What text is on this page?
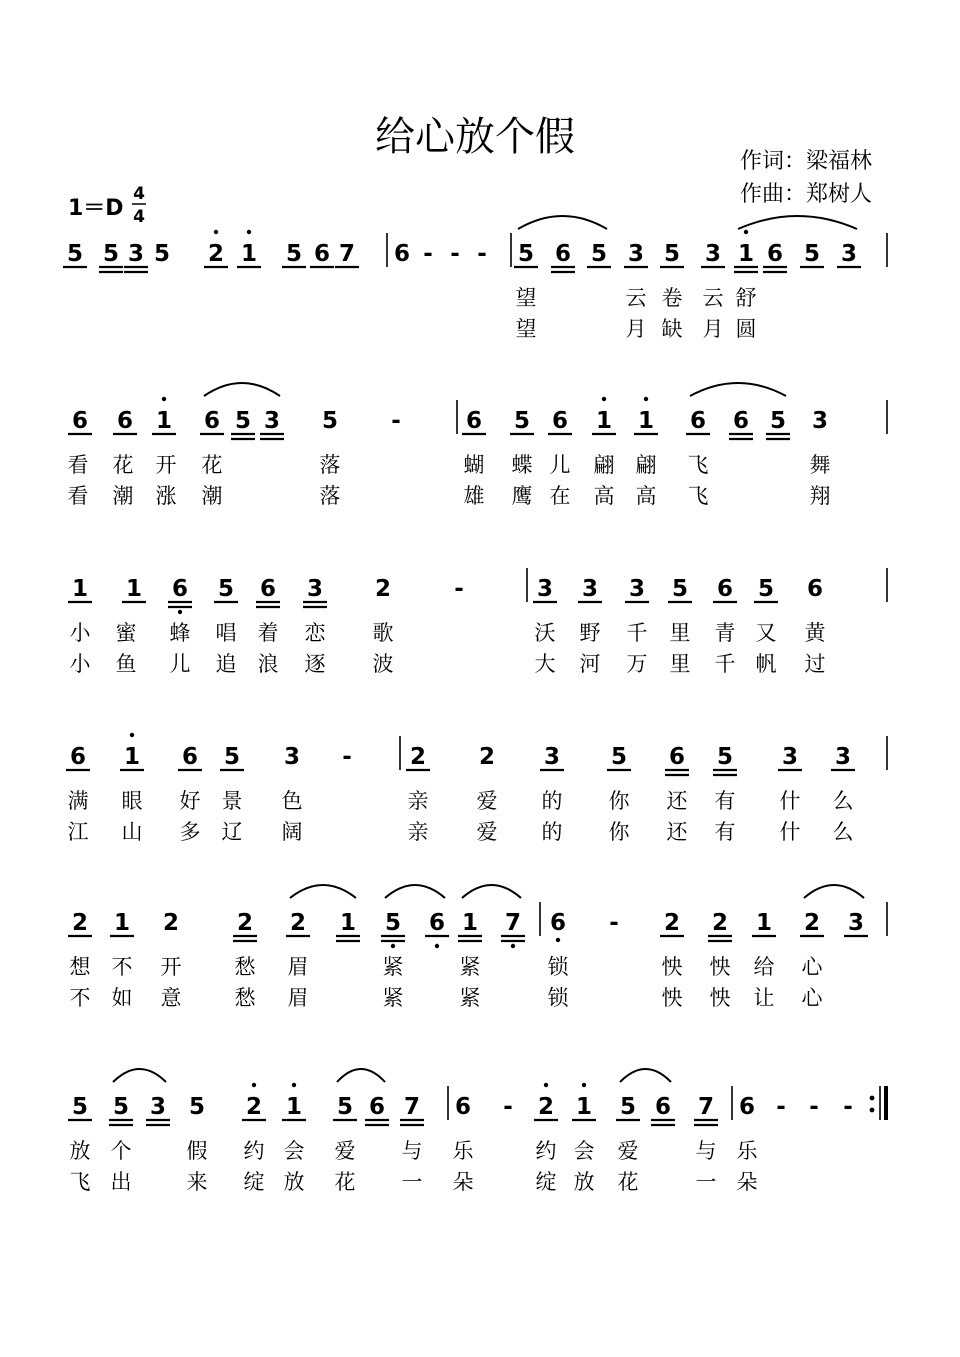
给心放个假
作词：梁福林
作曲：郑树人
1＝D
4
4
5 5 3 5 2 1 5 6 7 6 - - - 5 6 5 3 5 3 1 6 5 3
望	云 卷 云 舒
望	月 缺 月 圆
6 6 1 6 5 3 5 -	6 5 6 1 1 6 6 5 3
看 花 开 花	落	蝴 蝶 儿 翩 翩 飞	舞
看 潮 涨 潮	落	雄 鹰 在 高 高 飞	翔
1 1 6 5 6 3 2	-	3 3 3 5 6 5 6
小 蜜 蜂 唱 着 恋 歌	沃 野 千 里 青 又 黄
小 鱼 儿 追 浪 逐 波	大 河 万 里 千 帆 过
6 1 6 5 3 -	2 2 3 5 6 5 3 3
满 眼 好 景 色	亲 爱 的 你 还 有 什 么
江 山 多 辽 阔	亲 爱 的 你 还 有 什 么
2 1 2	2 2 1 5 6 1 7 6 - 2 2 1 2 3
想 不 开	愁 眉	紧	紧	锁	怏 怏 给 心
不 如 意	愁 眉	紧	紧	锁	怏 怏 让 心
5 5 3 5 2 1 5 6 7 6 - 2 1 5 6 7 6 - - -
放 个	假 约 会 爱 与 乐	约 会 爱	与 乐
飞 出	来 绽 放 花 一 朵	绽 放 花	一 朵
